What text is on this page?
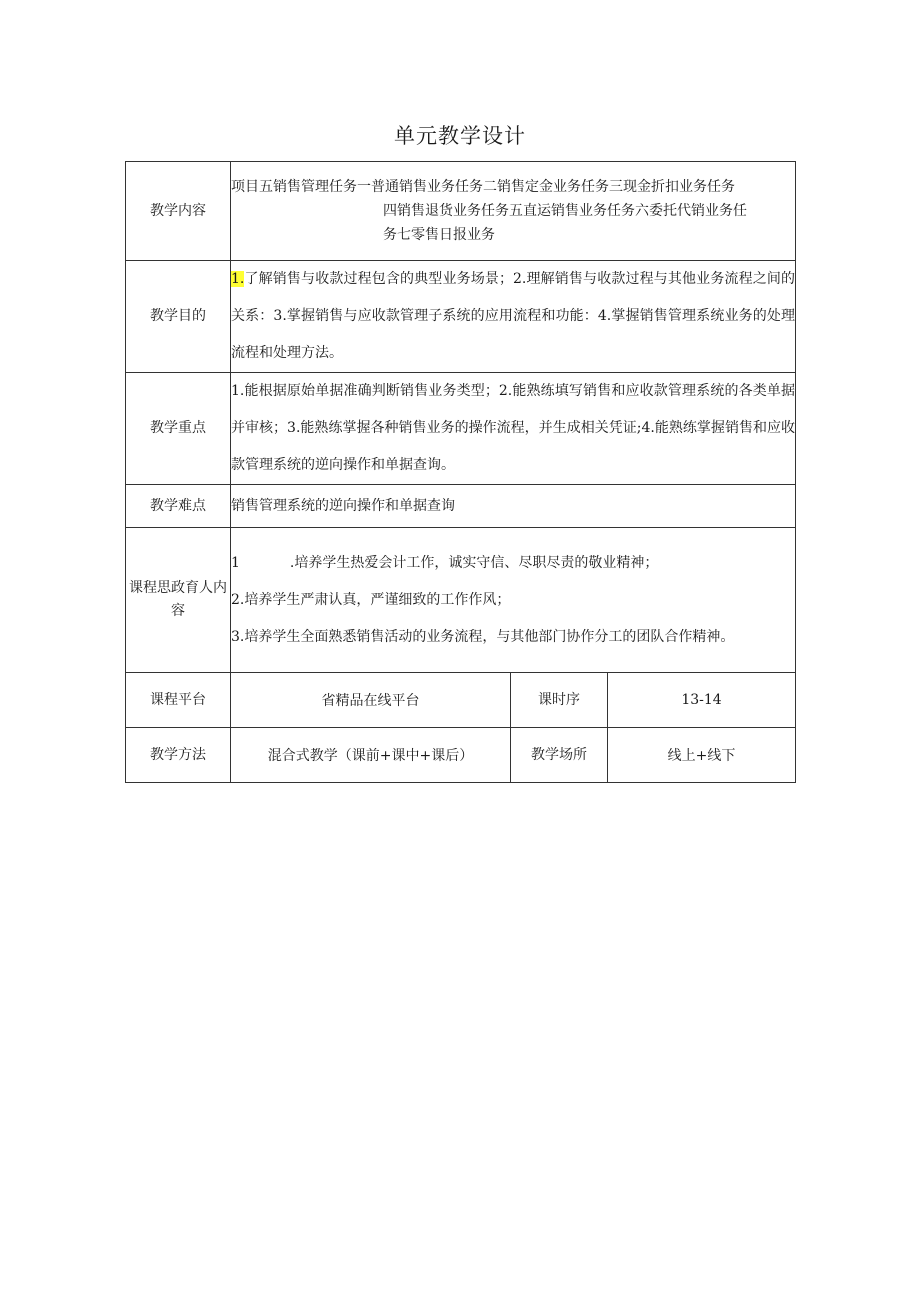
单元教学设计
教学内容	项目五销售管理任务一普通销售业务任务二销售定金业务任务三现金折扣业务任务
四销售退货业务任务五直运销售业务任务六委托代销业务任
务七零售日报业务		

教学目的	1.了解销售与收款过程包含的典型业务场景；2.理解销售与收款过程与其他业务流程之间的关系：3.掌握销售与应收款管理子系统的应用流程和功能：4.掌握销售管理系统业务的处理流程和处理方法。		
教学重点	1.能根据原始单据准确判断销售业务类型；2.能熟练填写销售和应收款管理系统的各类单据并审核；3.能熟练掌握各种销售业务的操作流程，并生成相关凭证;4.能熟练掌握销售和应收款管理系统的逆向操作和单据查询。		
教学难点	销售管理系统的逆向操作和单据查询		
课程思政育人内容	1 .培养学生热爱会计工作，诚实守信、尽职尽责的敬业精神；
2.培养学生严肃认真，严谨细致的工作作风；
3.培养学生全面熟悉销售活动的业务流程，与其他部门协作分工的团队合作精神。		

课程平台	省精品在线平台	课时序	13-14
教学方法	混合式教学（课前+课中+课后）	教学场所	线上+线下
